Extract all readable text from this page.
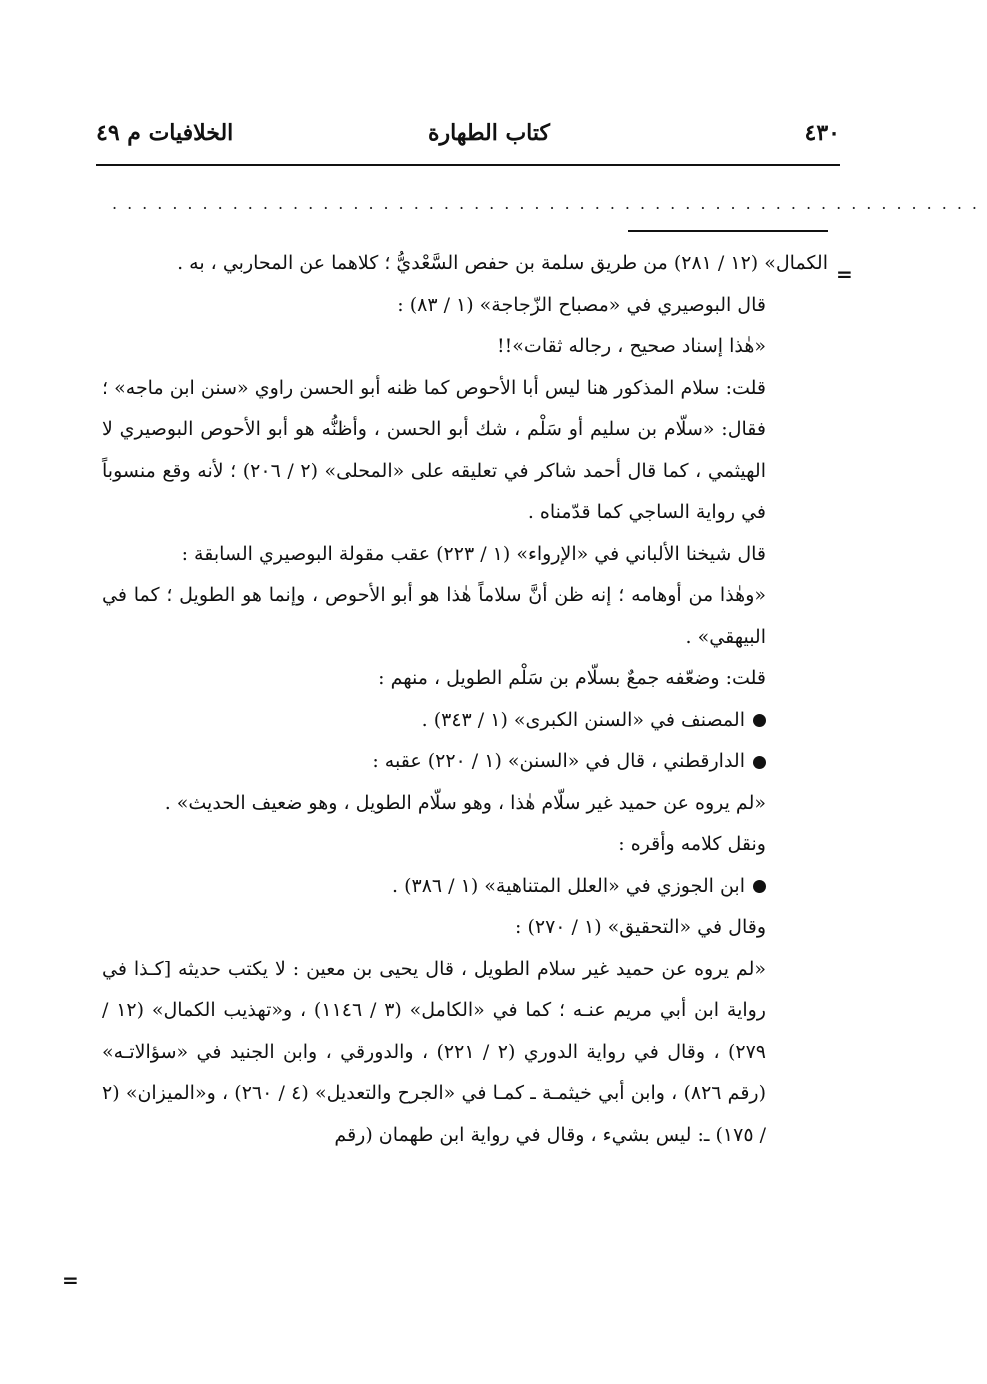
٤٣٠
كتاب الطهارة
الخلافيات م ٤٩
..........................................................
=
=

الكمال» (١٢ / ٢٨١) من طريق سلمة بن حفص السَّعْديُّ ؛ كلاهما عن المحاربي ، به .

قال البوصيري في «مصباح الزّجاجة» (١ / ٨٣) :

«هٰذا إسناد صحيح ، رجاله ثقات»!!

قلت: سلام المذكور هنا ليس أبا الأحوص كما ظنه أبو الحسن راوي «سنن ابن ماجه» ؛ فقال: «سلّام بن سليم أو سَلْم ، شك أبو الحسن ، وأظنُّه هو أبو الأحوص البوصيري لا الهيثمي ، كما قال أحمد شاكر في تعليقه على «المحلى» (٢ / ٢٠٦) ؛ لأنه وقع منسوباً في رواية الساجي كما قدّمناه .

قال شيخنا الألباني في «الإرواء» (١ / ٢٢٣) عقب مقولة البوصيري السابقة :

«وهٰذا من أوهامه ؛ إنه ظن أنَّ سلاماً هٰذا هو أبو الأحوص ، وإنما هو الطويل ؛ كما في البيهقي» .

قلت: وضعّفه جمعٌ بسلّام بن سَلْم الطويل ، منهم :

المصنف في «السنن الكبرى» (١ / ٣٤٣) .

الدارقطني ، قال في «السنن» (١ / ٢٢٠) عقبه :

«لم يروه عن حميد غير سلّام هٰذا ، وهو سلّام الطويل ، وهو ضعيف الحديث» .

ونقل كلامه وأقره :

ابن الجوزي في «العلل المتناهية» (١ / ٣٨٦) .

وقال في «التحقيق» (١ / ٢٧٠) :

«لم يروه عن حميد غير سلام الطويل ، قال يحيى بن معين : لا يكتب حديثه [كـذا في رواية ابن أبي مريم عنـه ؛ كما في «الكامل» (٣ / ١١٤٦) ، و«تهذيب الكمال» (١٢ / ٢٧٩) ، وقال في رواية الدوري (٢ / ٢٢١) ، والدورقي ، وابن الجنيد في «سؤالاتـه» (رقم ٨٢٦) ، وابن أبي خيثمـة ـ كمـا في «الجرح والتعديل» (٤ / ٢٦٠) ، و«الميزان» (٢ / ١٧٥) ـ: ليس بشيء ، وقال في رواية ابن طهمان (رقم
